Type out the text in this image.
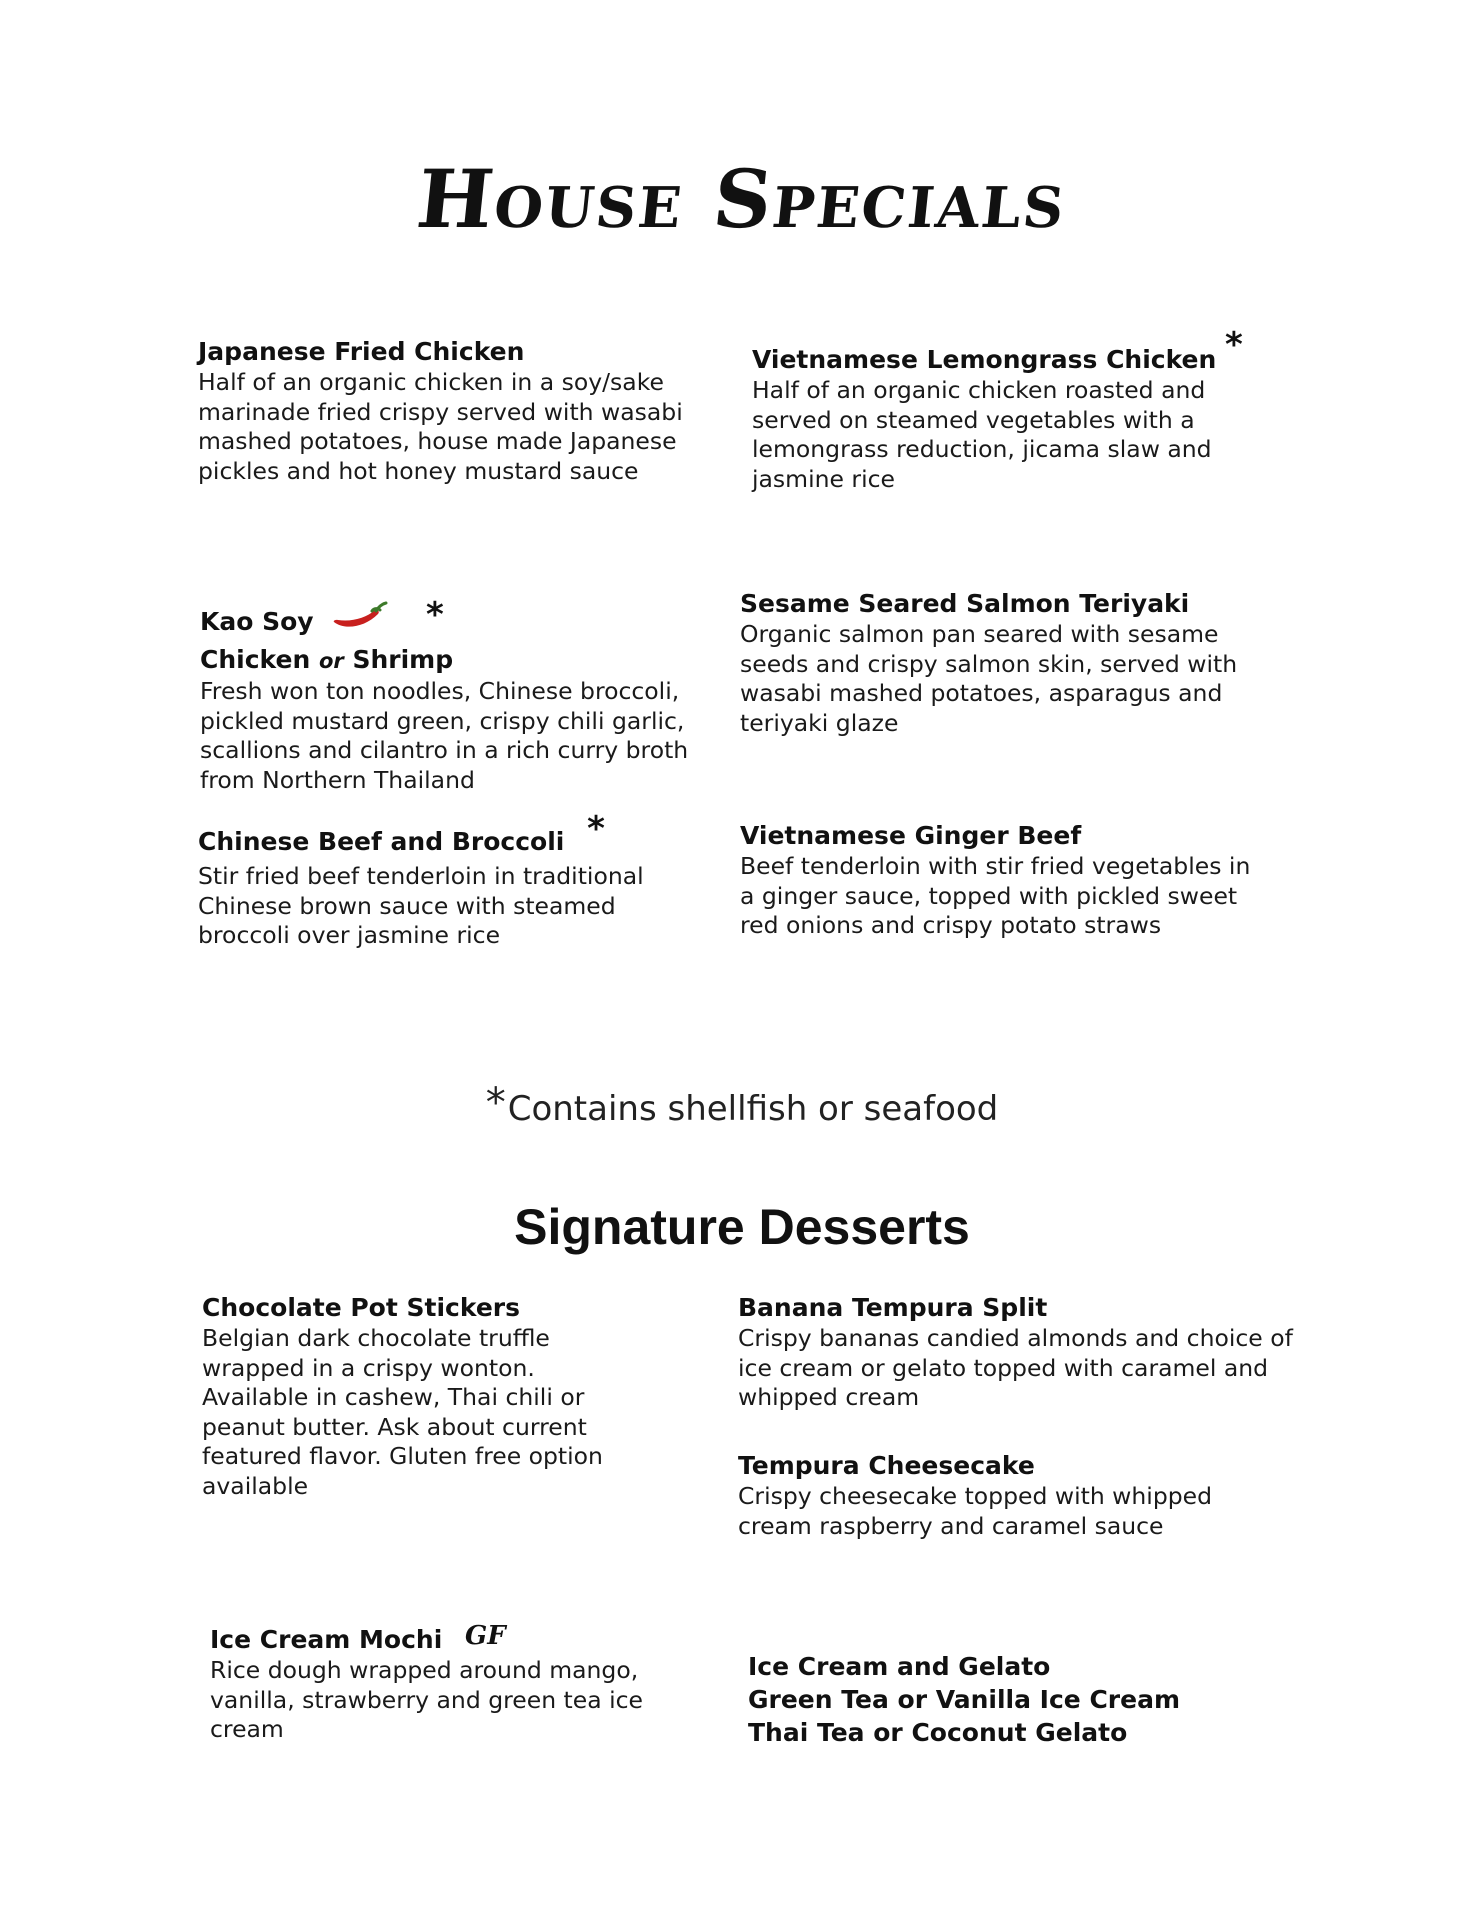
House Specials

Japanese Fried Chicken

Half of an organic chicken in a soy/sake marinade fried crispy served with wasabi mashed potatoes, house made Japanese pickles and hot honey mustard sauce

Vietnamese Lemongrass Chicken *

Half of an organic chicken roasted and served on steamed vegetables with a lemongrass reduction, jicama slaw and jasmine rice

Kao Soy	*

Chicken or Shrimp

Fresh won ton noodles, Chinese broccoli, pickled mustard green, crispy chili garlic, scallions and cilantro in a rich curry broth from Northern Thailand

Sesame Seared Salmon Teriyaki

Organic salmon pan seared with sesame seeds and crispy salmon skin, served with wasabi mashed potatoes, asparagus and teriyaki glaze

Chinese Beef and Broccoli *

Stir fried beef tenderloin in traditional Chinese brown sauce with steamed broccoli over jasmine rice

Vietnamese Ginger Beef

Beef tenderloin with stir fried vegetables in a ginger sauce, topped with pickled sweet red onions and crispy potato straws

*Contains shellfish or seafood
Signature Desserts

Chocolate Pot Stickers

Belgian dark chocolate truffle wrapped in a crispy wonton. Available in cashew, Thai chili or peanut butter. Ask about current featured flavor. Gluten free option available

Banana Tempura Split

Crispy bananas candied almonds and choice of ice cream or gelato topped with caramel and whipped cream

Tempura Cheesecake

Crispy cheesecake topped with whipped cream raspberry and caramel sauce

Ice Cream Mochi GF

Rice dough wrapped around mango, vanilla, strawberry and green tea ice cream

Ice Cream and Gelato

Green Tea or Vanilla Ice Cream

Thai Tea or Coconut Gelato
